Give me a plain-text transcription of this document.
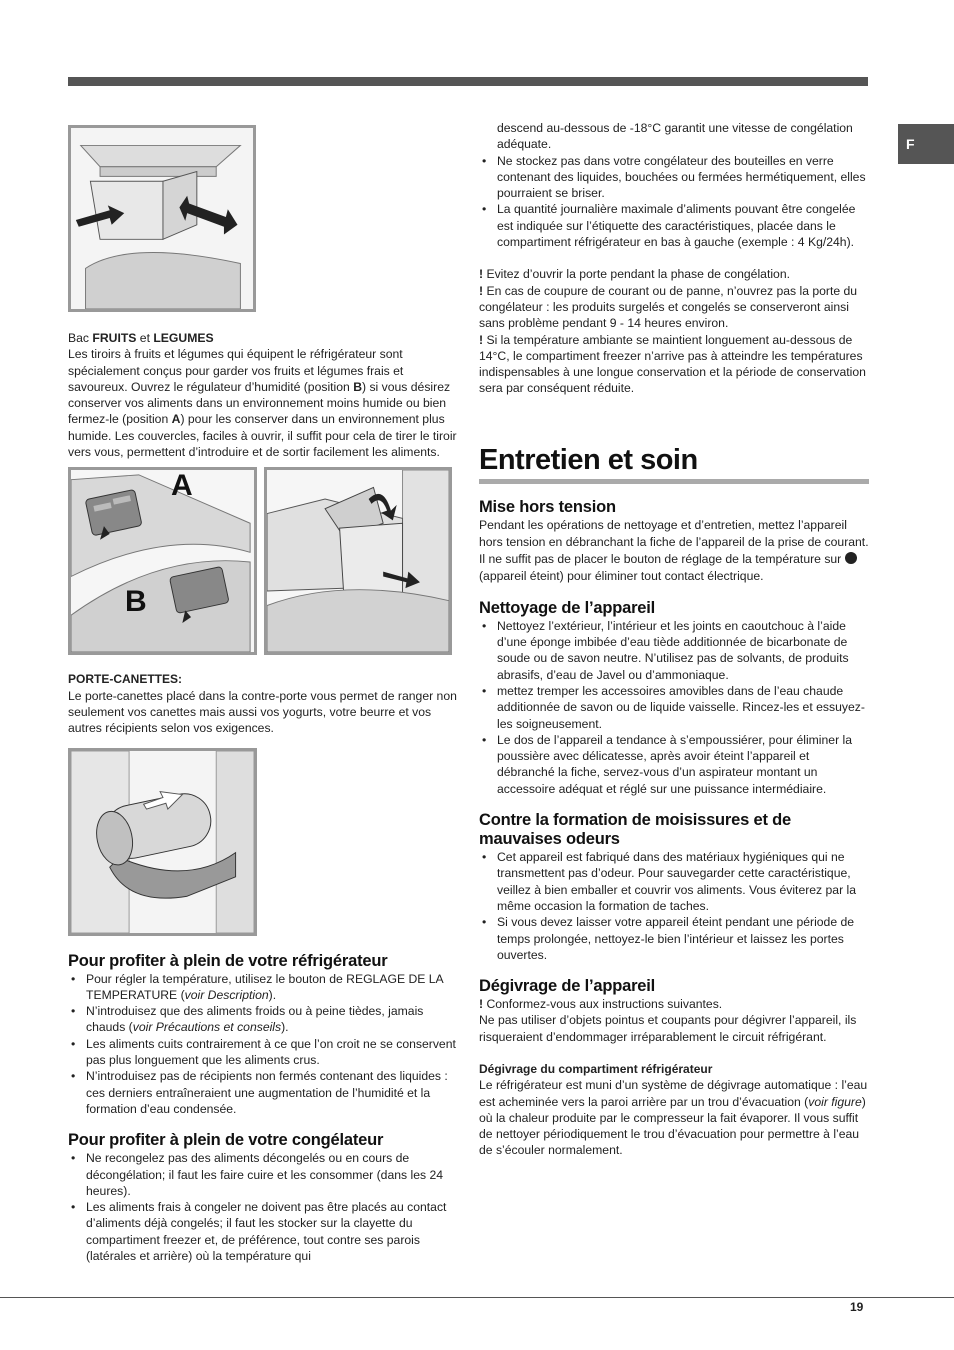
F

Bac FRUITS et LEGUMES

Les tiroirs à fruits et légumes qui équipent le réfrigérateur sont spécialement conçus pour garder vos fruits et légumes frais et savoureux. Ouvrez le régulateur d’humidité (position B) si vous désirez conserver vos aliments dans un environnement moins humide ou bien fermez-le (position A) pour les conserver dans un environnement plus humide. Les couvercles, faciles à ouvrir, il suffit pour cela de tirer le tiroir vers vous, permettent d’introduire et de sortir facilement les aliments.

A
B

PORTE-CANETTES:

Le porte-canettes placé dans la contre-porte vous permet de ranger non seulement vos canettes mais aussi vos yogurts, votre beurre et vos autres récipients selon vos exigences.

Pour profiter à plein de votre réfrigérateur
• Pour régler la température, utilisez le bouton de REGLAGE DE LA TEMPERATURE (voir Description).
• N’introduisez que des aliments froids ou à peine tièdes, jamais chauds (voir Précautions et conseils).
• Les aliments cuits contrairement à ce que l’on croit ne se conservent pas plus longuement que les aliments crus.
• N’introduisez pas de récipients non fermés contenant des liquides : ces derniers entraîneraient une augmentation de l’humidité et la formation d’eau condensée.
Pour profiter à plein de votre congélateur
• Ne recongelez pas des aliments décongelés ou en cours de décongélation; il faut les faire cuire et les consommer (dans les 24 heures).
• Les aliments frais à congeler ne doivent pas être placés au contact d’aliments déjà congelés; il faut les stocker sur la clayette du compartiment freezer et, de préférence, tout contre ses parois (latérales et arrière) où la température qui

descend au-dessous de -18°C garantit une vitesse de congélation adéquate.

• Ne stockez pas dans votre congélateur des bouteilles en verre contenant des liquides, bouchées ou fermées hermétiquement, elles pourraient se briser.
• La quantité journalière maximale d’aliments pouvant être congelée est indiquée sur l’étiquette des caractéristiques, placée dans le compartiment réfrigérateur en bas à gauche (exemple : 4 Kg/24h).

! Evitez d’ouvrir la porte pendant la phase de congélation.

! En cas de coupure de courant ou de panne, n’ouvrez pas la porte du congélateur : les produits surgelés et congelés se conserveront ainsi sans problème pendant 9 - 14 heures environ.

! Si la température ambiante se maintient longuement au-dessous de 14°C, le compartiment freezer n’arrive pas à atteindre les températures indispensables à une longue conservation et la période de conservation sera par conséquent réduite.

Entretien et soin
Mise hors tension

Pendant les opérations de nettoyage et d’entretien, mettez l’appareil hors tension en débranchant la fiche de l’appareil de la prise de courant. Il ne suffit pas de placer le bouton de réglage de la température sur  (appareil éteint) pour éliminer tout contact électrique.

Nettoyage de l’appareil
• Nettoyez l’extérieur, l’intérieur et les joints en caoutchouc à l’aide d’une éponge imbibée d’eau tiède additionnée de bicarbonate de soude ou de savon neutre. N’utilisez pas de solvants, de produits abrasifs, d’eau de Javel ou d’ammoniaque.
• mettez tremper les accessoires amovibles dans de l’eau chaude additionnée de savon ou de liquide vaisselle. Rincez-les et essuyez-les soigneusement.
• Le dos de l’appareil a tendance à s’empoussiérer, pour éliminer la poussière avec délicatesse, après avoir éteint l’appareil et débranché la fiche, servez-vous d’un aspirateur montant un accessoire adéquat et réglé sur une puissance intermédiaire.
Contre la formation de moisissures et de mauvaises odeurs
• Cet appareil est fabriqué dans des matériaux hygiéniques qui ne transmettent pas d’odeur. Pour sauvegarder cette caractéristique, veillez à bien emballer et couvrir vos aliments. Vous éviterez par la même occasion la formation de taches.
• Si vous devez laisser votre appareil éteint pendant une période de temps prolongée, nettoyez-le bien l’intérieur et laissez les portes ouvertes.
Dégivrage de l’appareil

! Conformez-vous aux instructions suivantes.

Ne pas utiliser d’objets pointus et coupants pour dégivrer l’appareil, ils risqueraient d’endommager irréparablement le circuit réfrigérant.

Dégivrage du compartiment réfrigérateur

Le réfrigérateur est muni d’un système de dégivrage automatique : l’eau est acheminée vers la paroi arrière par un trou d’évacuation (voir figure) où la chaleur produite par le compresseur la fait évaporer. Il vous suffit de nettoyer périodiquement le trou d’évacuation pour permettre à l’eau de s’écouler normalement.

19
